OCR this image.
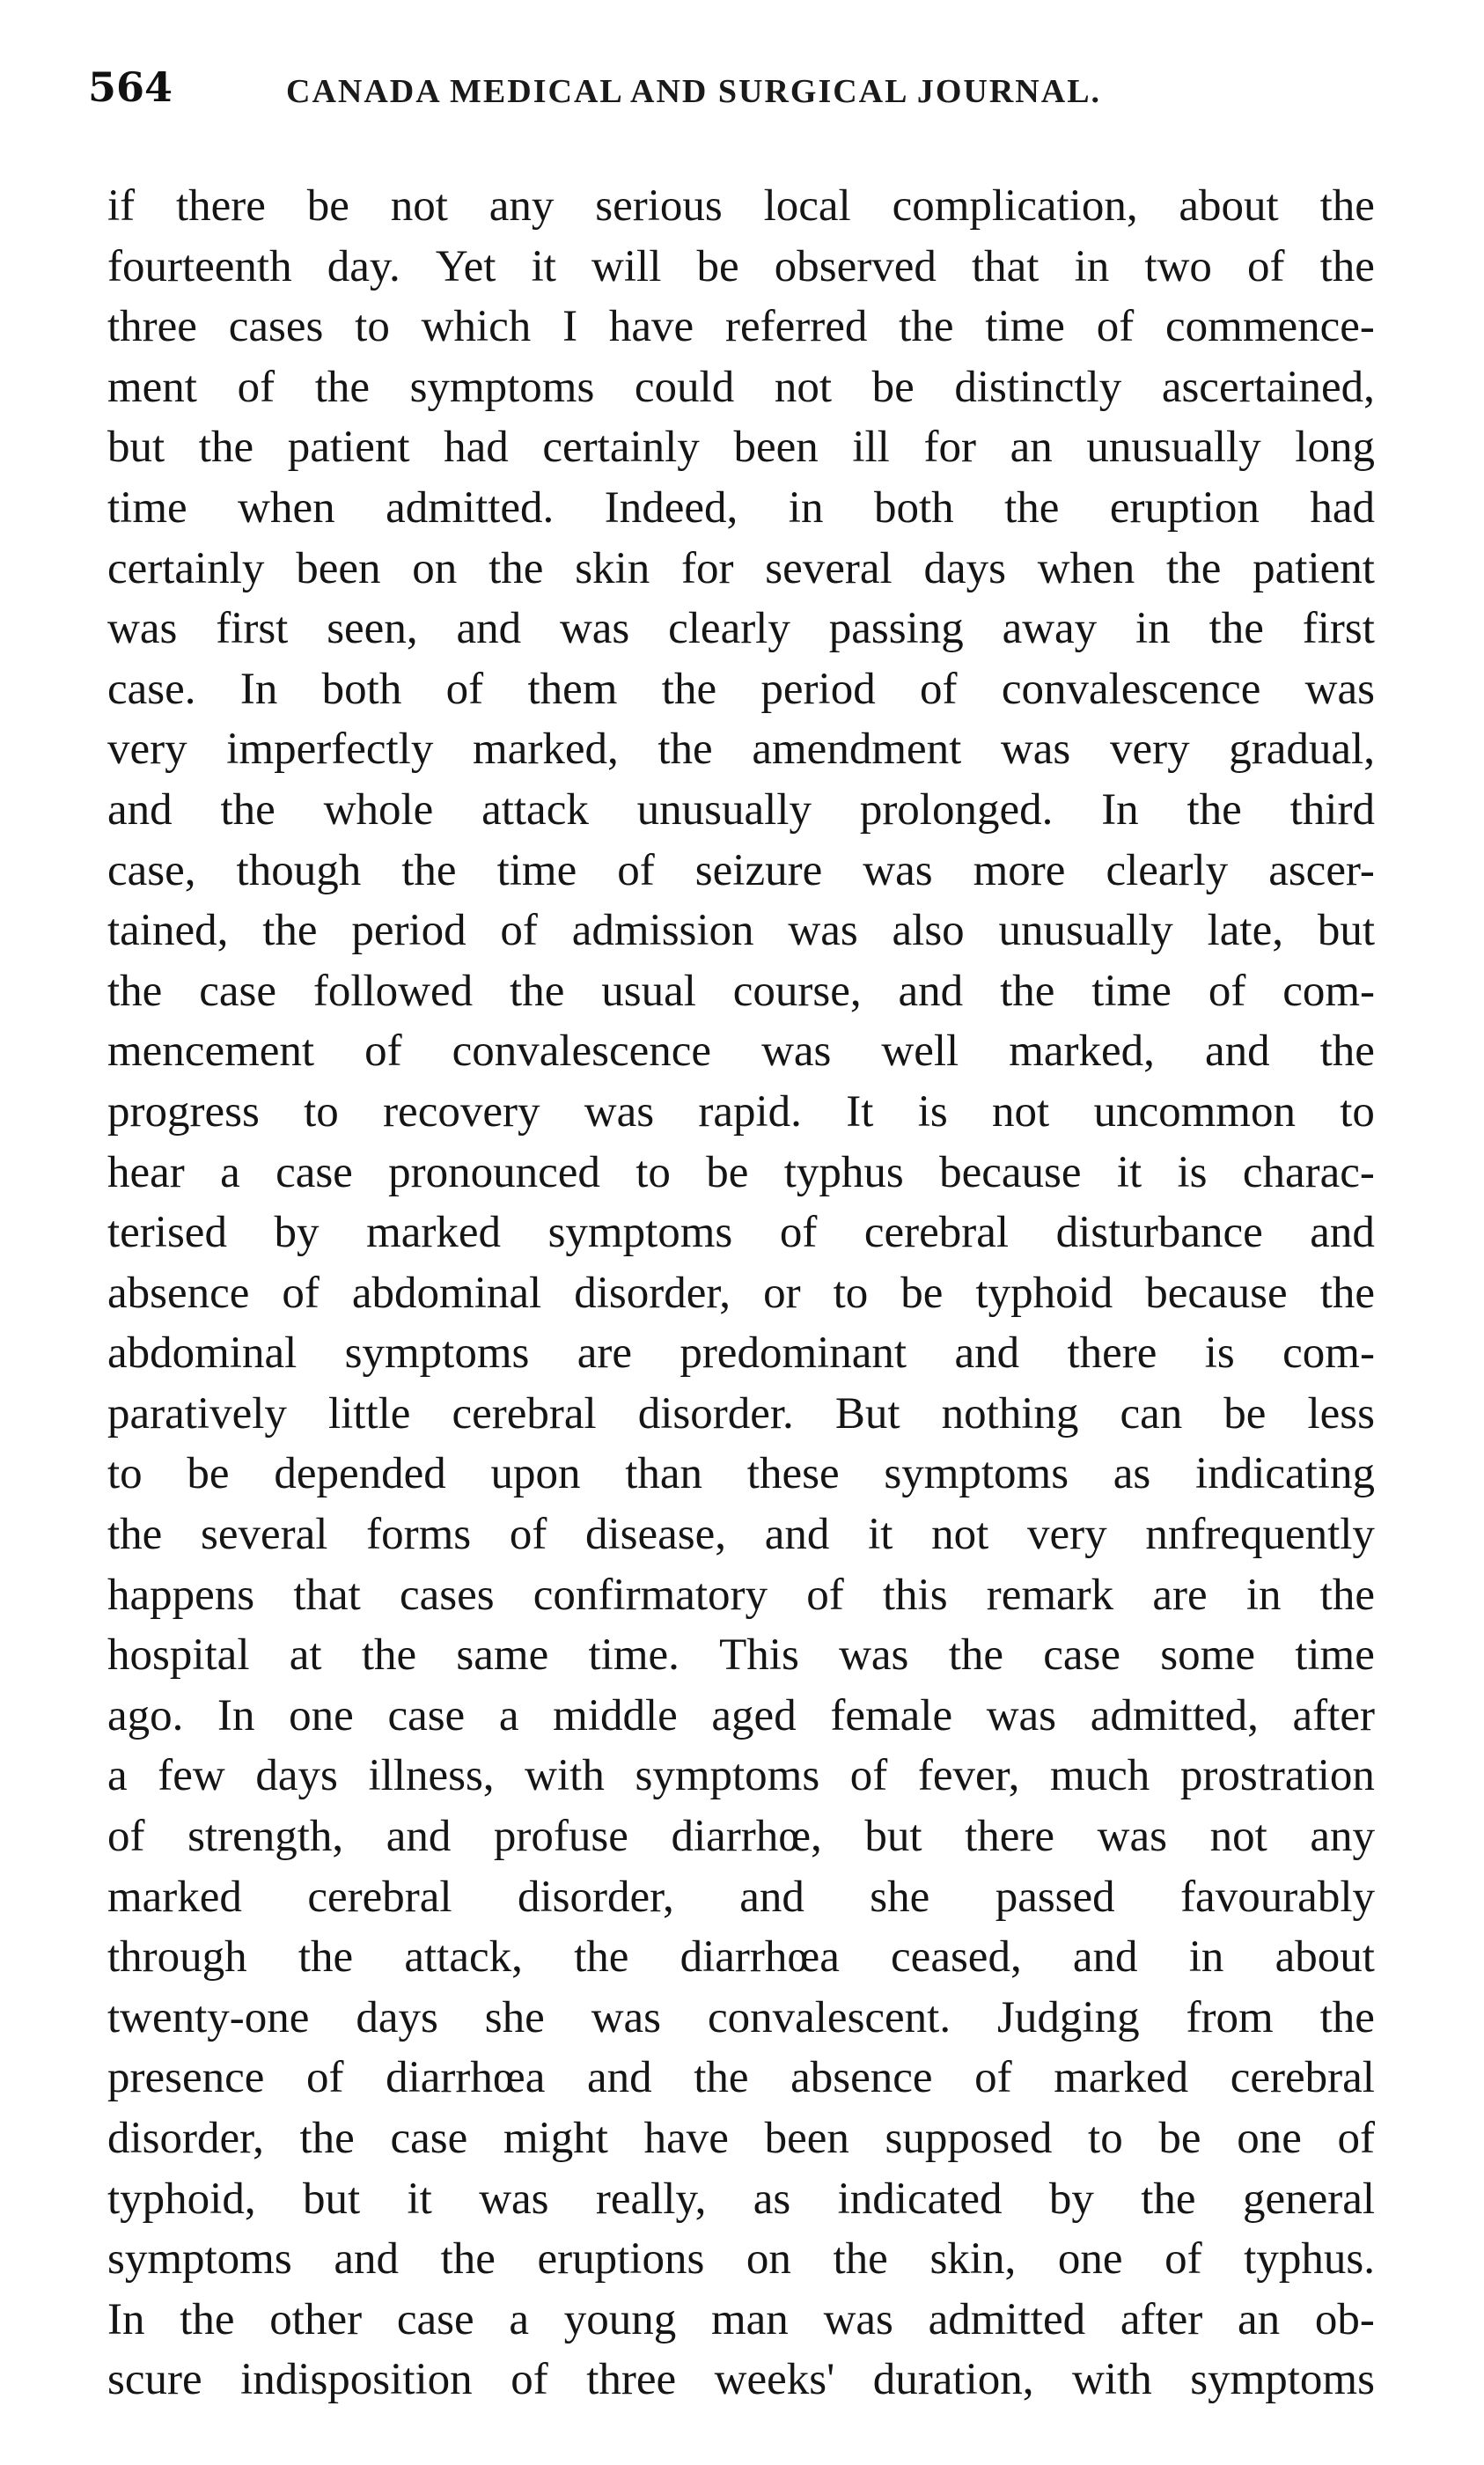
564	CANADA MEDICAL AND SURGICAL JOURNAL.
if there be not any serious local complication, about the
fourteenth day. Yet it will be observed that in two of the
three cases to which I have referred the time of commence-
ment of the symptoms could not be distinctly ascertained,
but the patient had certainly been ill for an unusually long
time when admitted. Indeed, in both the eruption had
certainly been on the skin for several days when the patient
was first seen, and was clearly passing away in the first
case. In both of them the period of convalescence was
very imperfectly marked, the amendment was very gradual,
and the whole attack unusually prolonged. In the third
case, though the time of seizure was more clearly ascer-
tained, the period of admission was also unusually late, but
the case followed the usual course, and the time of com-
mencement of convalescence was well marked, and the
progress to recovery was rapid. It is not uncommon to
hear a case pronounced to be typhus because it is charac-
terised by marked symptoms of cerebral disturbance and
absence of abdominal disorder, or to be typhoid because the
abdominal symptoms are predominant and there is com-
paratively little cerebral disorder. But nothing can be less
to be depended upon than these symptoms as indicating
the several forms of disease, and it not very nnfrequently
happens that cases confirmatory of this remark are in the
hospital at the same time. This was the case some time
ago. In one case a middle aged female was admitted, after
a few days illness, with symptoms of fever, much prostration
of strength, and profuse diarrhœ, but there was not any
marked cerebral disorder, and she passed favourably
through the attack, the diarrhœa ceased, and in about
twenty-one days she was convalescent. Judging from the
presence of diarrhœa and the absence of marked cerebral
disorder, the case might have been supposed to be one of
typhoid, but it was really, as indicated by the general
symptoms and the eruptions on the skin, one of typhus.
In the other case a young man was admitted after an ob-
scure indisposition of three weeks' duration, with symptoms
